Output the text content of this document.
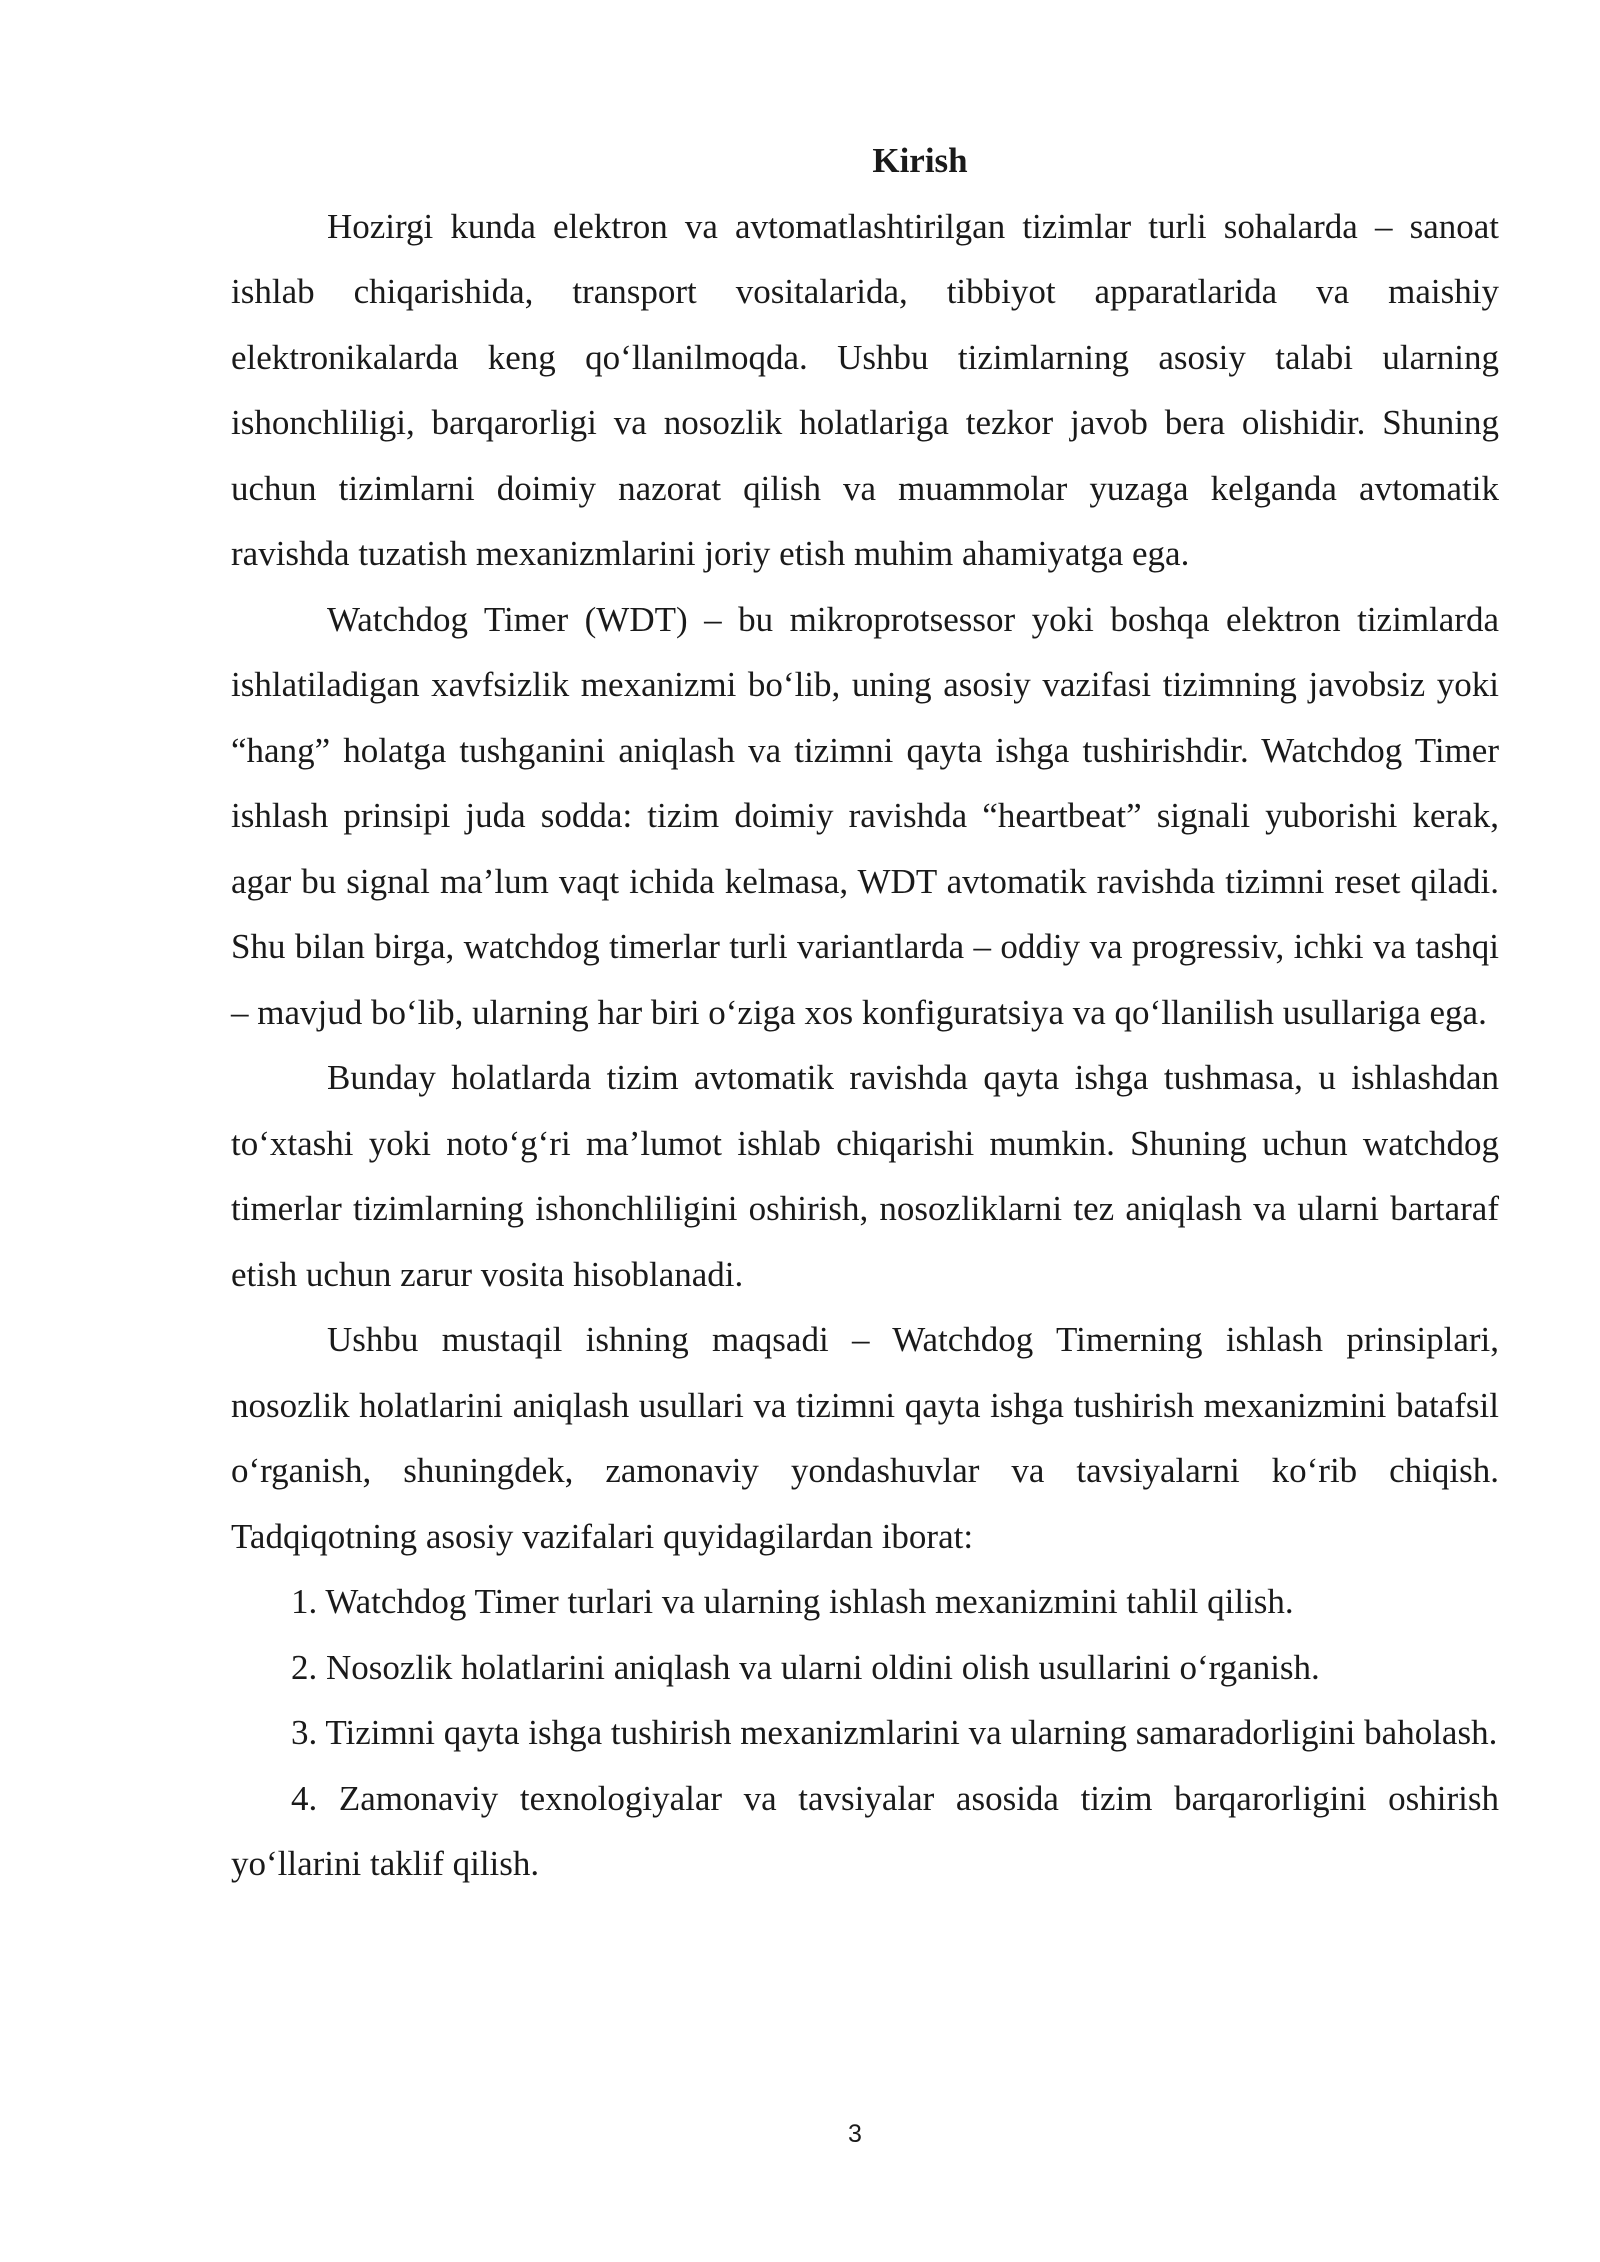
Kirish

Hozirgi kunda elektron va avtomatlashtirilgan tizimlar turli sohalarda – sanoat ishlab chiqarishida, transport vositalarida, tibbiyot apparatlarida va maishiy elektronikalarda keng qo‘llanilmoqda. Ushbu tizimlarning asosiy talabi ularning ishonchliligi, barqarorligi va nosozlik holatlariga tezkor javob bera olishidir. Shuning uchun tizimlarni doimiy nazorat qilish va muammolar yuzaga kelganda avtomatik ravishda tuzatish mexanizmlarini joriy etish muhim ahamiyatga ega.

Watchdog Timer (WDT) – bu mikroprotsessor yoki boshqa elektron tizimlarda ishlatiladigan xavfsizlik mexanizmi bo‘lib, uning asosiy vazifasi tizimning javobsiz yoki “hang” holatga tushganini aniqlash va tizimni qayta ishga tushirishdir. Watchdog Timer ishlash prinsipi juda sodda: tizim doimiy ravishda “heartbeat” signali yuborishi kerak, agar bu signal ma’lum vaqt ichida kelmasa, WDT avtomatik ravishda tizimni reset qiladi. Shu bilan birga, watchdog timerlar turli variantlarda – oddiy va progressiv, ichki va tashqi – mavjud bo‘lib, ularning har biri o‘ziga xos konfiguratsiya va qo‘llanilish usullariga ega.

Bunday holatlarda tizim avtomatik ravishda qayta ishga tushmasa, u ishlashdan to‘xtashi yoki noto‘g‘ri ma’lumot ishlab chiqarishi mumkin. Shuning uchun watchdog timerlar tizimlarning ishonchliligini oshirish, nosozliklarni tez aniqlash va ularni bartaraf etish uchun zarur vosita hisoblanadi.

Ushbu mustaqil ishning maqsadi – Watchdog Timerning ishlash prinsiplari, nosozlik holatlarini aniqlash usullari va tizimni qayta ishga tushirish mexanizmini batafsil o‘rganish, shuningdek, zamonaviy yondashuvlar va tavsiyalarni ko‘rib chiqish. Tadqiqotning asosiy vazifalari quyidagilardan iborat:

1. Watchdog Timer turlari va ularning ishlash mexanizmini tahlil qilish.

2. Nosozlik holatlarini aniqlash va ularni oldini olish usullarini o‘rganish.

3. Tizimni qayta ishga tushirish mexanizmlarini va ularning samaradorligini baholash.

4. Zamonaviy texnologiyalar va tavsiyalar asosida tizim barqarorligini oshirish yo‘llarini taklif qilish.

3
